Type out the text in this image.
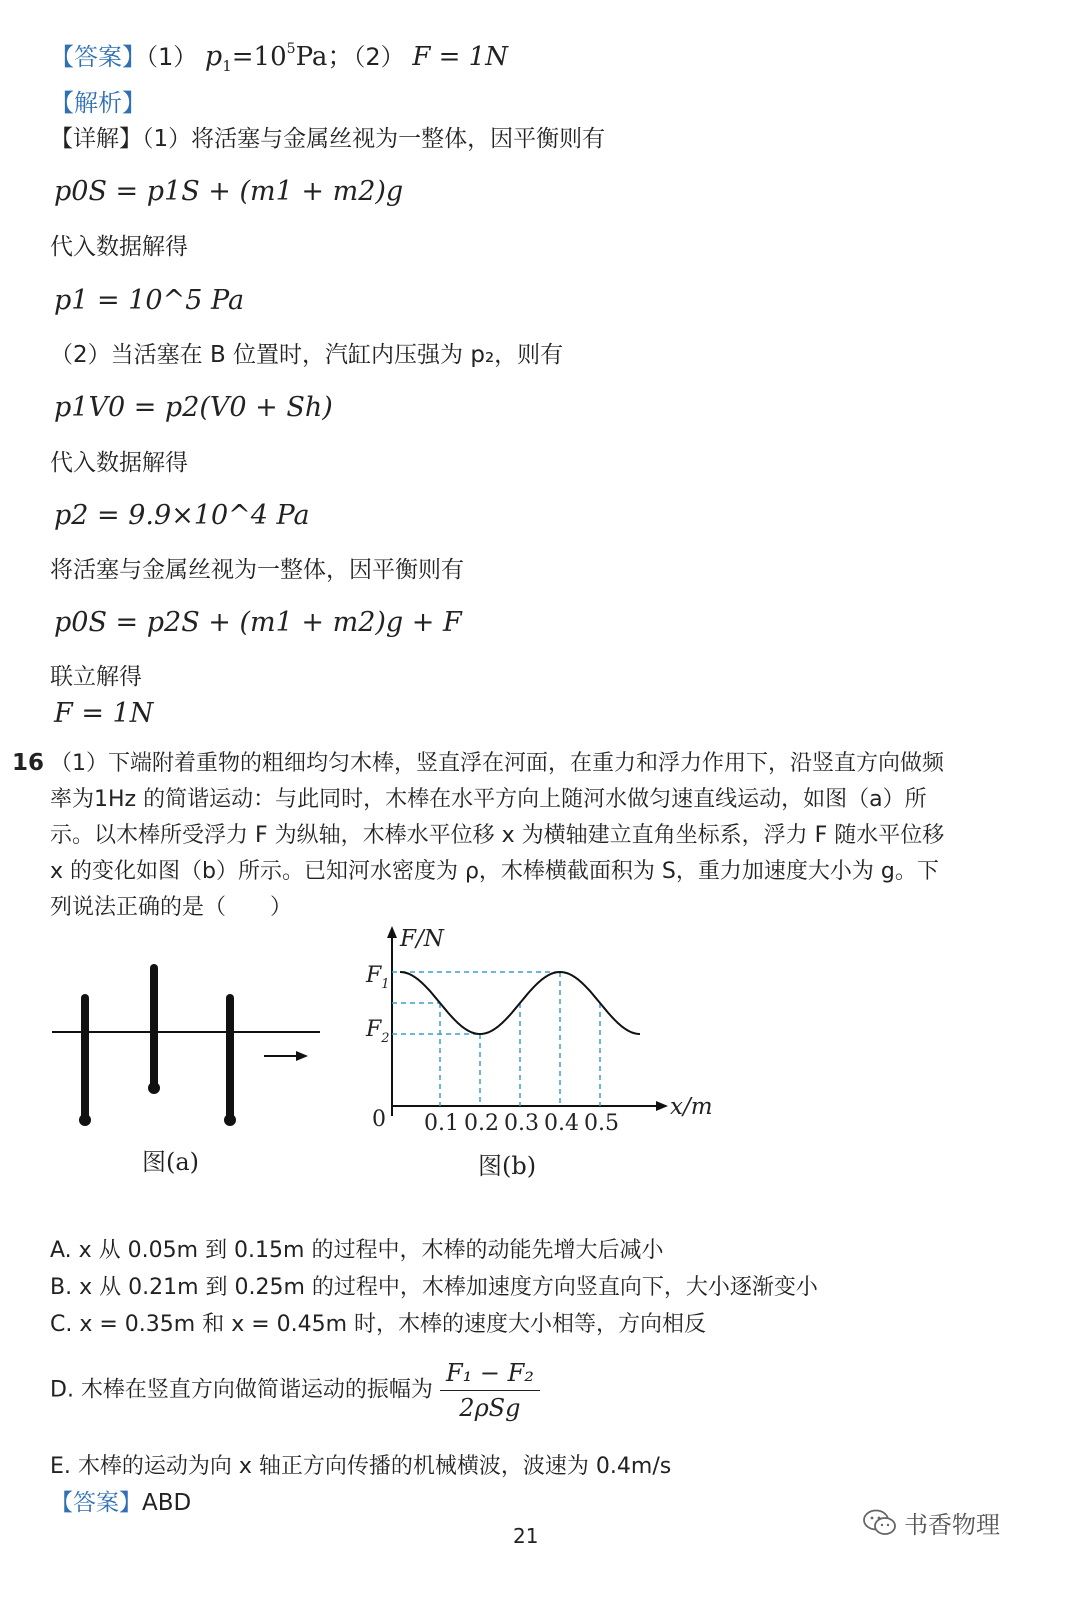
【答案】（1） $p_1=10^5Pa$；（2） F = 1N
【解析】
【详解】（1）将活塞与金属丝视为一整体，因平衡则有
p0S = p1S + (m1 + m2)g
代入数据解得
p1 = 10^5 Pa
（2）当活塞在 B 位置时，汽缸内压强为 p₂，则有
p1V0 = p2(V0 + Sh)
代入数据解得
p2 = 9.9×10^4 Pa
将活塞与金属丝视为一整体，因平衡则有
p0S = p2S + (m1 + m2)g + F
联立解得
F = 1N
16 （1）下端附着重物的粗细均匀木棒，竖直浮在河面，在重力和浮力作用下，沿竖直方向做频
率为1Hz 的简谐运动：与此同时，木棒在水平方向上随河水做匀速直线运动，如图（a）所
示。以木棒所受浮力 F 为纵轴，木棒水平位移 x 为横轴建立直角坐标系，浮力 F 随水平位移
x 的变化如图（b）所示。已知河水密度为 ρ，木棒横截面积为 S，重力加速度大小为 g。下
列说法正确的是（　　）
图(a)
F/N
x/m
0
$F_1$
$F_2$
0.1 0.2 0.3 0.4 0.5
图(b)
A. x 从 0.05m 到 0.15m 的过程中，木棒的动能先增大后减小
B. x 从 0.21m 到 0.25m 的过程中，木棒加速度方向竖直向下，大小逐渐变小
C. x = 0.35m 和 x = 0.45m 时，木棒的速度大小相等，方向相反
D. 木棒在竖直方向做简谐运动的振幅为 $\frac{\text{F₁ − F₂}}{\text{2ρSg}}$
E. 木棒的运动为向 x 轴正方向传播的机械横波，波速为 0.4m/s
【答案】ABD
21	书香物理
